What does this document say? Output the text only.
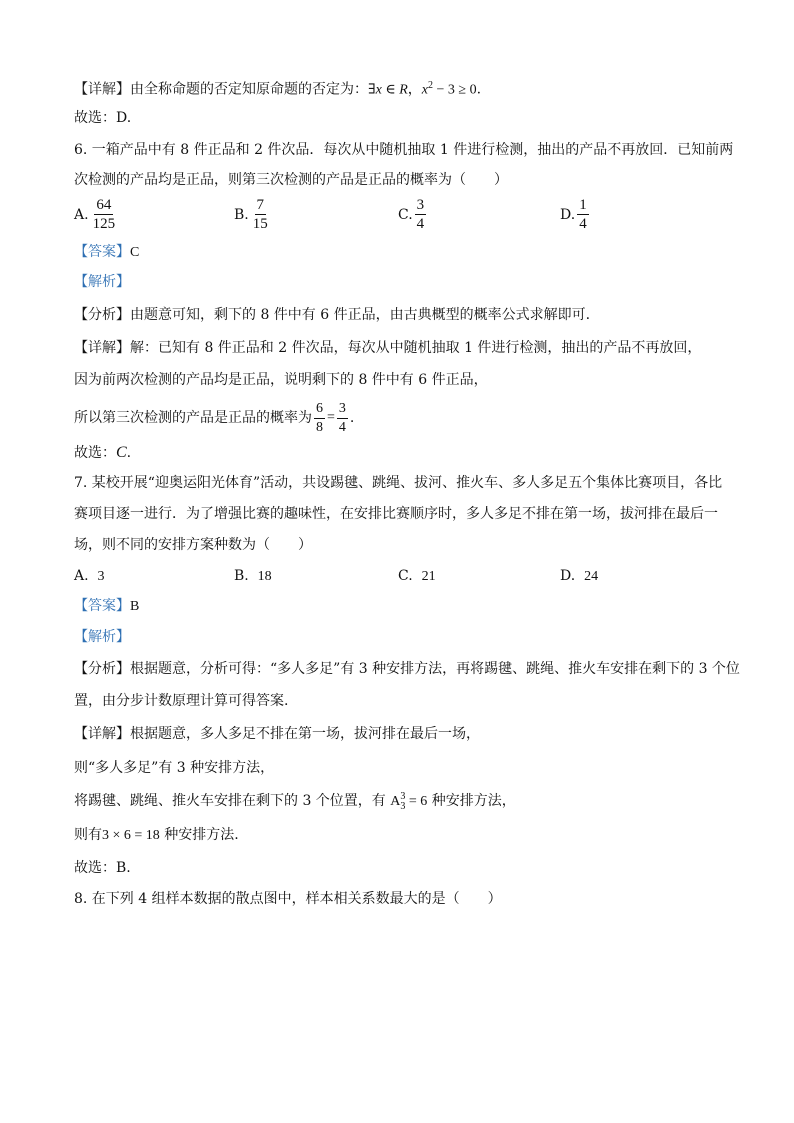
【详解】由全称命题的否定知原命题的否定为：∃x ∈ R，$x^2 - 3 \ge 0$.
故选：D.
6. 一箱产品中有 8 件正品和 2 件次品．每次从中随机抽取 1 件进行检测，抽出的产品不再放回．已知前两
次检测的产品均是正品，则第三次检测的产品是正品的概率为（　　）
A. $\frac{64}{125}$	B. $\frac{7}{15}$	C. $\frac{3}{4}$	D. $\frac{1}{4}$
【答案】C
【解析】
【分析】由题意可知，剩下的 8 件中有 6 件正品，由古典概型的概率公式求解即可.
【详解】解：已知有 8 件正品和 2 件次品，每次从中随机抽取 1 件进行检测，抽出的产品不再放回，
因为前两次检测的产品均是正品，说明剩下的 8 件中有 6 件正品，
所以第三次检测的产品是正品的概率为 $\frac{6}{8} = \frac{3}{4}$ .
故选：C.
7. 某校开展“迎奥运阳光体育”活动，共设踢毽、跳绳、拔河、推火车、多人多足五个集体比赛项目，各比
赛项目逐一进行．为了增强比赛的趣味性，在安排比赛顺序时，多人多足不排在第一场，拔河排在最后一
场，则不同的安排方案种数为（　　）
A. 3	B. 18	C. 21	D. 24
【答案】B
【解析】
【分析】根据题意，分析可得：“多人多足”有 3 种安排方法，再将踢毽、跳绳、推火车安排在剩下的 3 个位
置，由分步计数原理计算可得答案.
【详解】根据题意，多人多足不排在第一场，拔河排在最后一场，
则“多人多足”有 3 种安排方法，
将踢毽、跳绳、推火车安排在剩下的 3 个位置，有 A 3
3 = 6 种安排方法，
则有3 × 6 = 18 种安排方法.
故选：B.
8. 在下列 4 组样本数据的散点图中，样本相关系数最大的是（　　）
